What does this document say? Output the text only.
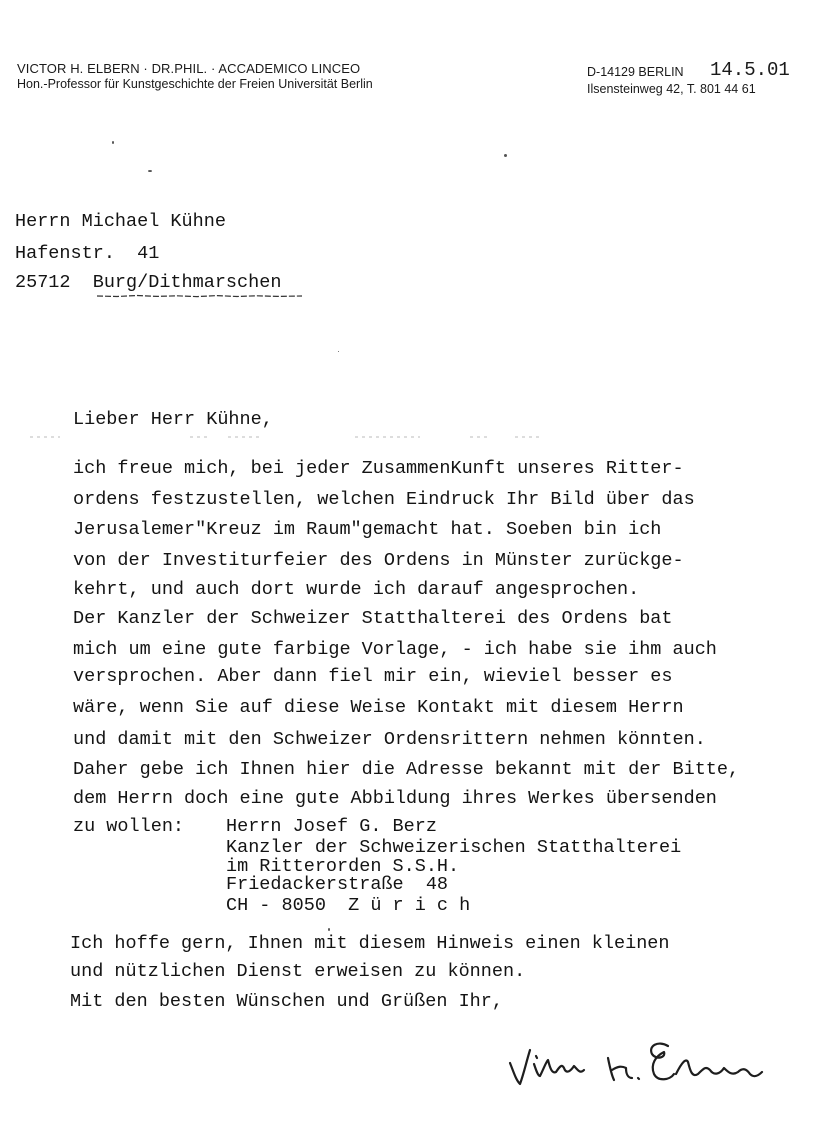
VICTOR H. ELBERN · DR.PHIL. · ACCADEMICO LINCEO
Hon.-Professor für Kunstgeschichte der Freien Universität Berlin
D-14129 BERLIN 14.5.01
Ilsensteinweg 42, T. 801 44 61
Herrn Michael Kühne
Hafenstr.  41
25712  Burg/Dithmarschen
Lieber Herr Kühne,
ich freue mich, bei jeder ZusammenKunft unseres Ritter-
ordens festzustellen, welchen Eindruck Ihr Bild über das
Jerusalemer"Kreuz im Raum"gemacht hat. Soeben bin ich
von der Investiturfeier des Ordens in Münster zurückge-
kehrt, und auch dort wurde ich darauf angesprochen.
Der Kanzler der Schweizer Statthalterei des Ordens bat
mich um eine gute farbige Vorlage, - ich habe sie ihm auch
versprochen. Aber dann fiel mir ein, wieviel besser es
wäre, wenn Sie auf diese Weise Kontakt mit diesem Herrn
und damit mit den Schweizer Ordensrittern nehmen könnten.
Daher gebe ich Ihnen hier die Adresse bekannt mit der Bitte,
dem Herrn doch eine gute Abbildung ihres Werkes übersenden
zu wollen: Herrn Josef G. Berz
Kanzler der Schweizerischen Statthalterei
im Ritterorden S.S.H.
Friedackerstraße  48
CH - 8050  Z ü r i c h
Ich hoffe gern, Ihnen mit diesem Hinweis einen kleinen
und nützlichen Dienst erweisen zu können.
Mit den besten Wünschen und Grüßen Ihr,
